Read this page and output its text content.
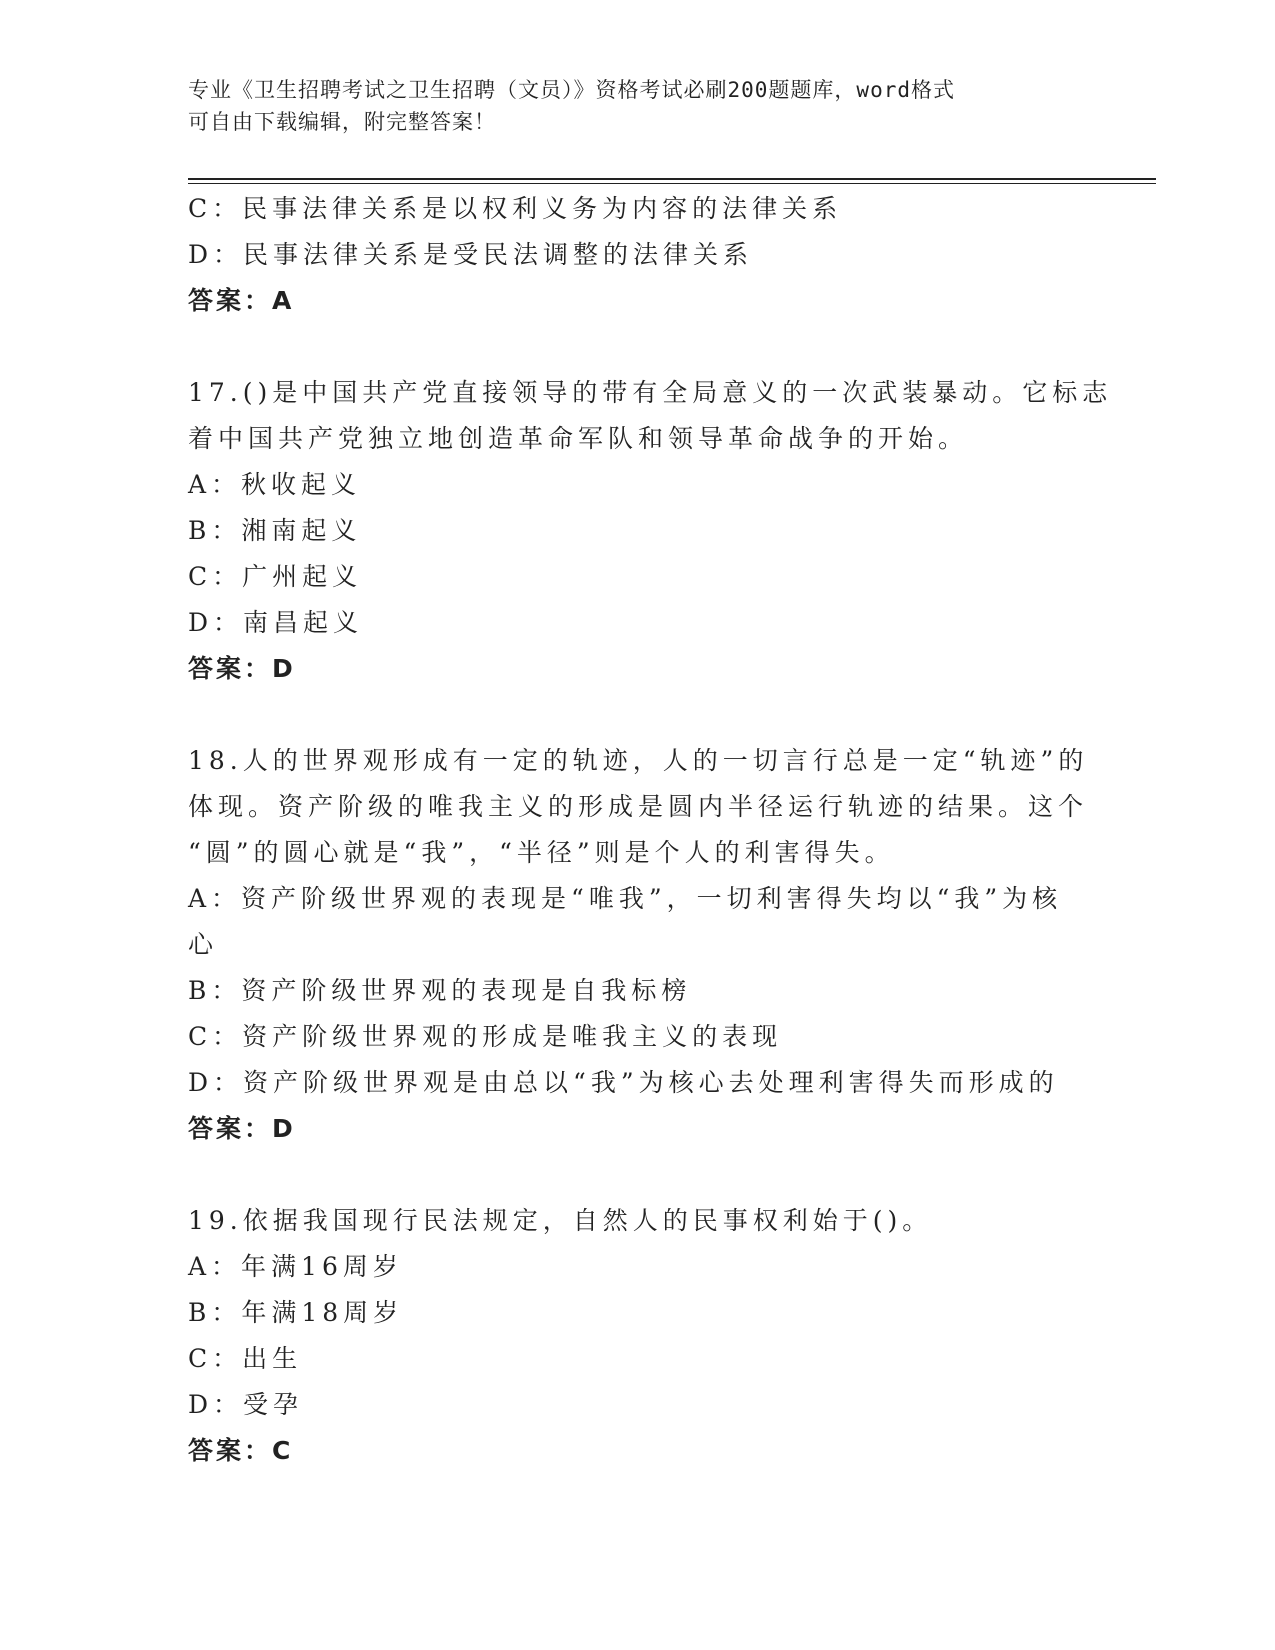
专业《卫生招聘考试之卫生招聘（文员）》资格考试必刷200题题库，word格式
可自由下载编辑，附完整答案！
C：民事法律关系是以权利义务为内容的法律关系
D：民事法律关系是受民法调整的法律关系
答案：A
17.()是中国共产党直接领导的带有全局意义的一次武装暴动。它标志
着中国共产党独立地创造革命军队和领导革命战争的开始。
A：秋收起义
B：湘南起义
C：广州起义
D：南昌起义
答案：D
18.人的世界观形成有一定的轨迹，人的一切言行总是一定“轨迹”的
体现。资产阶级的唯我主义的形成是圆内半径运行轨迹的结果。这个
“圆”的圆心就是“我”，“半径”则是个人的利害得失。
A：资产阶级世界观的表现是“唯我”，一切利害得失均以“我”为核
心
B：资产阶级世界观的表现是自我标榜
C：资产阶级世界观的形成是唯我主义的表现
D：资产阶级世界观是由总以“我”为核心去处理利害得失而形成的
答案：D
19.依据我国现行民法规定，自然人的民事权利始于()。
A：年满16周岁
B：年满18周岁
C：出生
D：受孕
答案：C
